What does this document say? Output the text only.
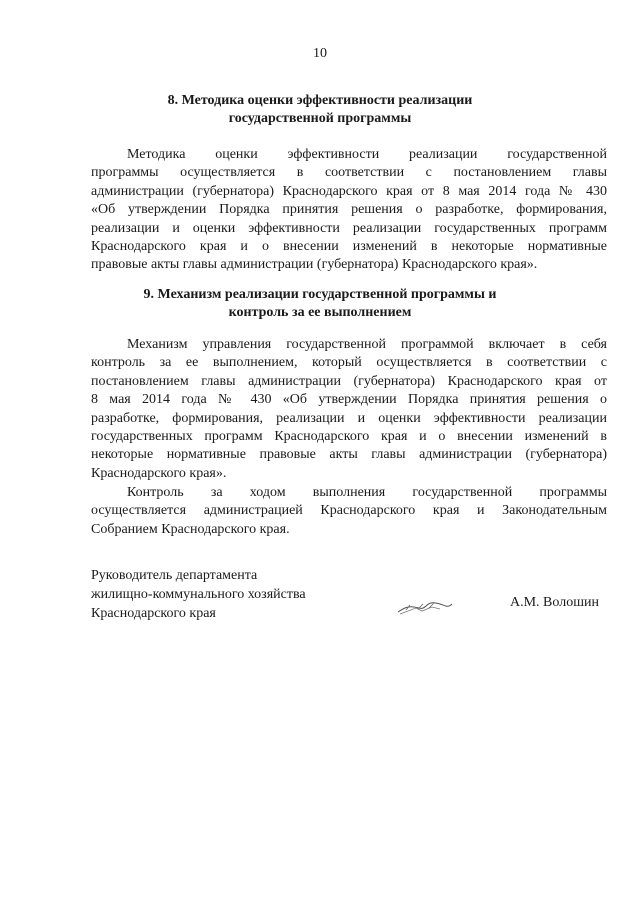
10
8. Методика оценки эффективности реализации
государственной программы
Методика оценки эффективности реализации государственной
программы осуществляется в соответствии с постановлением главы
администрации (губернатора) Краснодарского края от 8 мая 2014 года № 430
«Об утверждении Порядка принятия решения о разработке, формирования,
реализации и оценки эффективности реализации государственных программ
Краснодарского края и о внесении изменений в некоторые нормативные
правовые акты главы администрации (губернатора) Краснодарского края».
9. Механизм реализации государственной программы и
контроль за ее выполнением
Механизм управления государственной программой включает в себя
контроль за ее выполнением, который осуществляется в соответствии с
постановлением главы администрации (губернатора) Краснодарского края от
8 мая 2014 года № 430 «Об утверждении Порядка принятия решения о
разработке, формирования, реализации и оценки эффективности реализации
государственных программ Краснодарского края и о внесении изменений в
некоторые нормативные правовые акты главы администрации (губернатора)
Краснодарского края».
Контроль за ходом выполнения государственной программы
осуществляется администрацией Краснодарского края и Законодательным
Собранием Краснодарского края.
Руководитель департамента
жилищно-коммунального хозяйства
Краснодарского края
А.М. Волошин
